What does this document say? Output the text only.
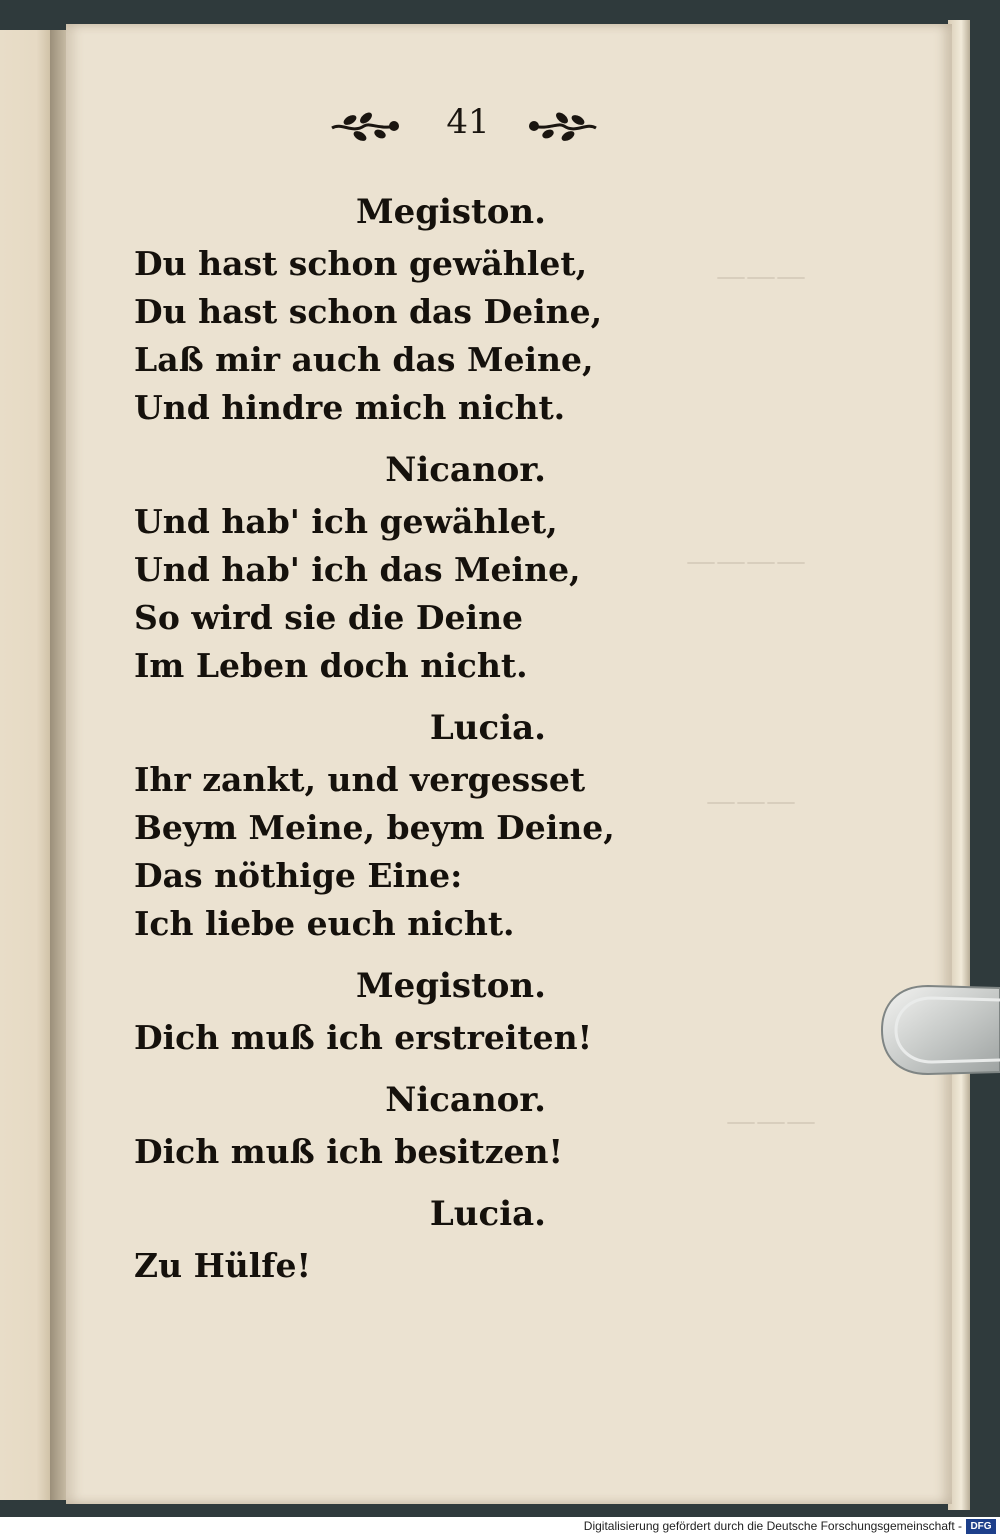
———
————
———
———
41
Megiston.
Du hast schon gewählet,
Du hast schon das Deine,
Laß mir auch das Meine,
Und hindre mich nicht.
Nicanor.
Und hab' ich gewählet,
Und hab' ich das Meine,
So wird sie die Deine
Im Leben doch nicht.
Lucia.
Ihr zankt, und vergesset
Beym Meine, beym Deine,
Das nöthige Eine:
Ich liebe euch nicht.
Megiston.
Dich muß ich erstreiten!
Nicanor.
Dich muß ich besitzen!
Lucia.
Zu Hülfe!
Digitalisierung gefördert durch die Deutsche Forschungsgemeinschaft - DFG
